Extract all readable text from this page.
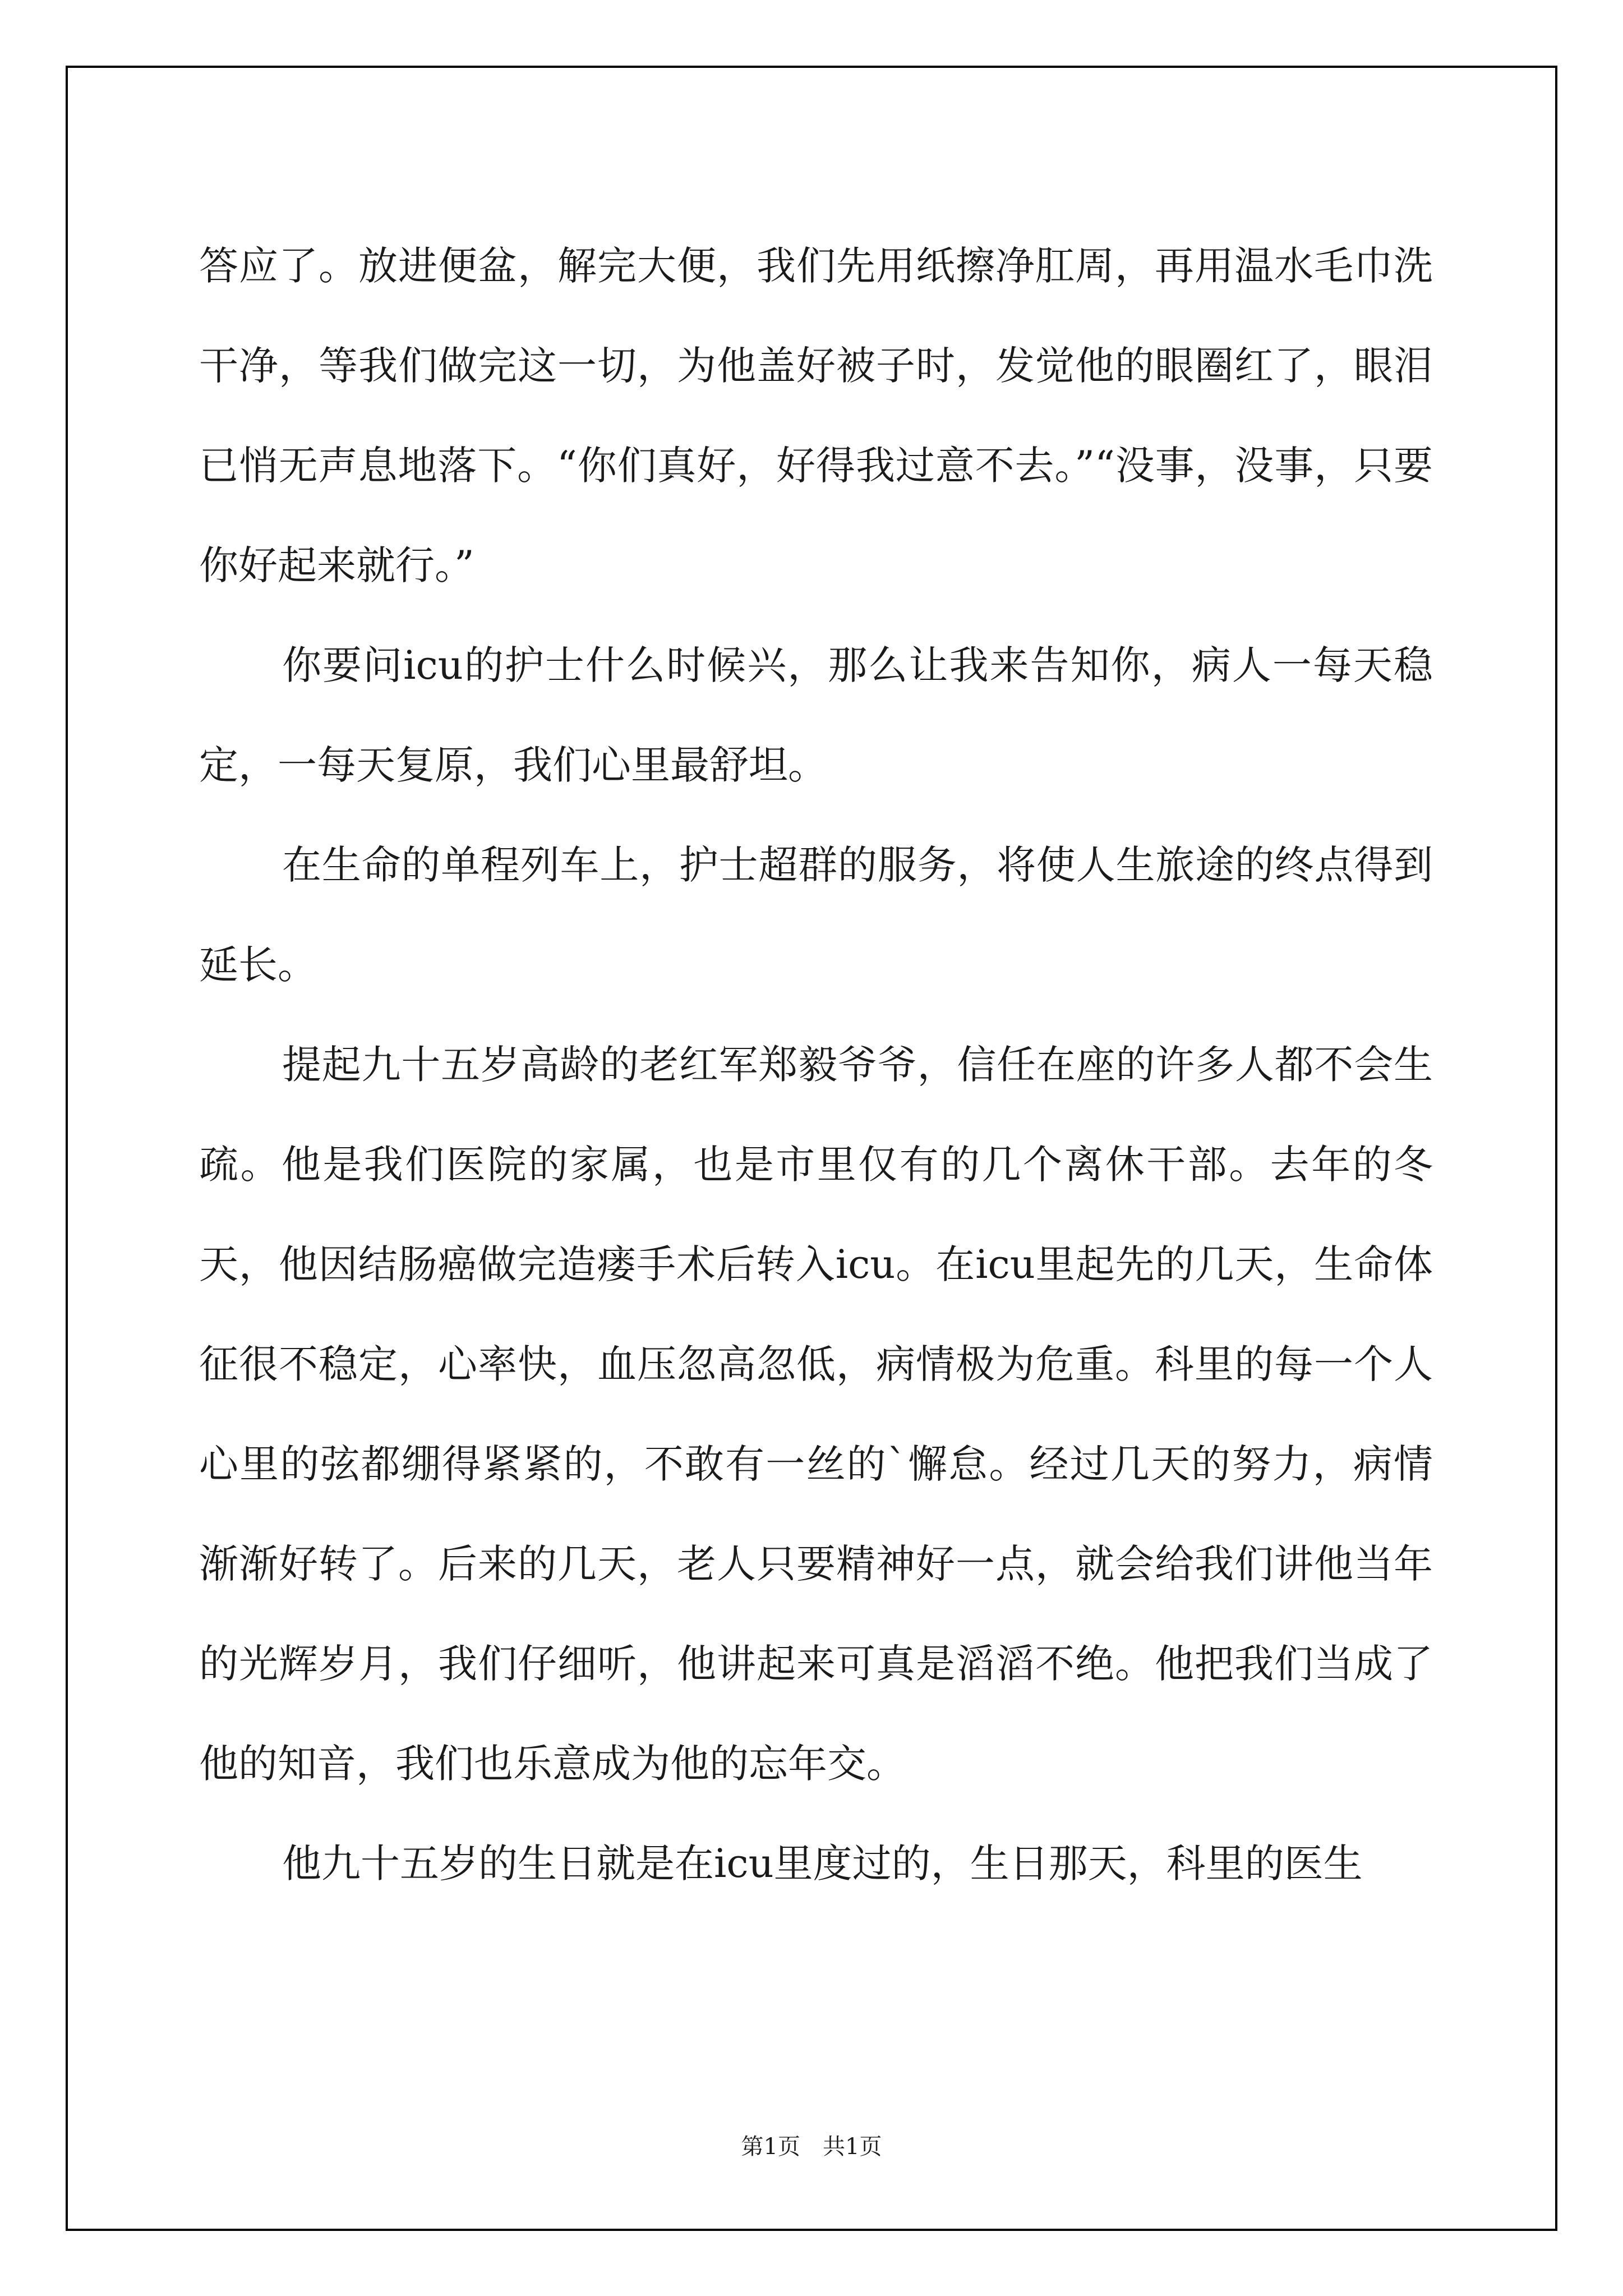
答应了。放进便盆，解完大便，我们先用纸擦净肛周，再用温水毛巾洗干净，等我们做完这一切，为他盖好被子时，发觉他的眼圈红了，眼泪已悄无声息地落下。“你们真好，好得我过意不去。”“没事，没事，只要你好起来就行。”

你要问icu的护士什么时候兴，那么让我来告知你，病人一每天稳定，一每天复原，我们心里最舒坦。

在生命的单程列车上，护士超群的服务，将使人生旅途的终点得到延长。

提起九十五岁高龄的老红军郑毅爷爷，信任在座的许多人都不会生疏。他是我们医院的家属，也是市里仅有的几个离休干部。去年的冬天，他因结肠癌做完造瘘手术后转入icu。在icu里起先的几天，生命体征很不稳定，心率快，血压忽高忽低，病情极为危重。科里的每一个人心里的弦都绷得紧紧的，不敢有一丝的`懈怠。经过几天的努力，病情渐渐好转了。后来的几天，老人只要精神好一点，就会给我们讲他当年的光辉岁月，我们仔细听，他讲起来可真是滔滔不绝。他把我们当成了他的知音，我们也乐意成为他的忘年交。

他九十五岁的生日就是在icu里度过的，生日那天，科里的医生

第1页　共1页
